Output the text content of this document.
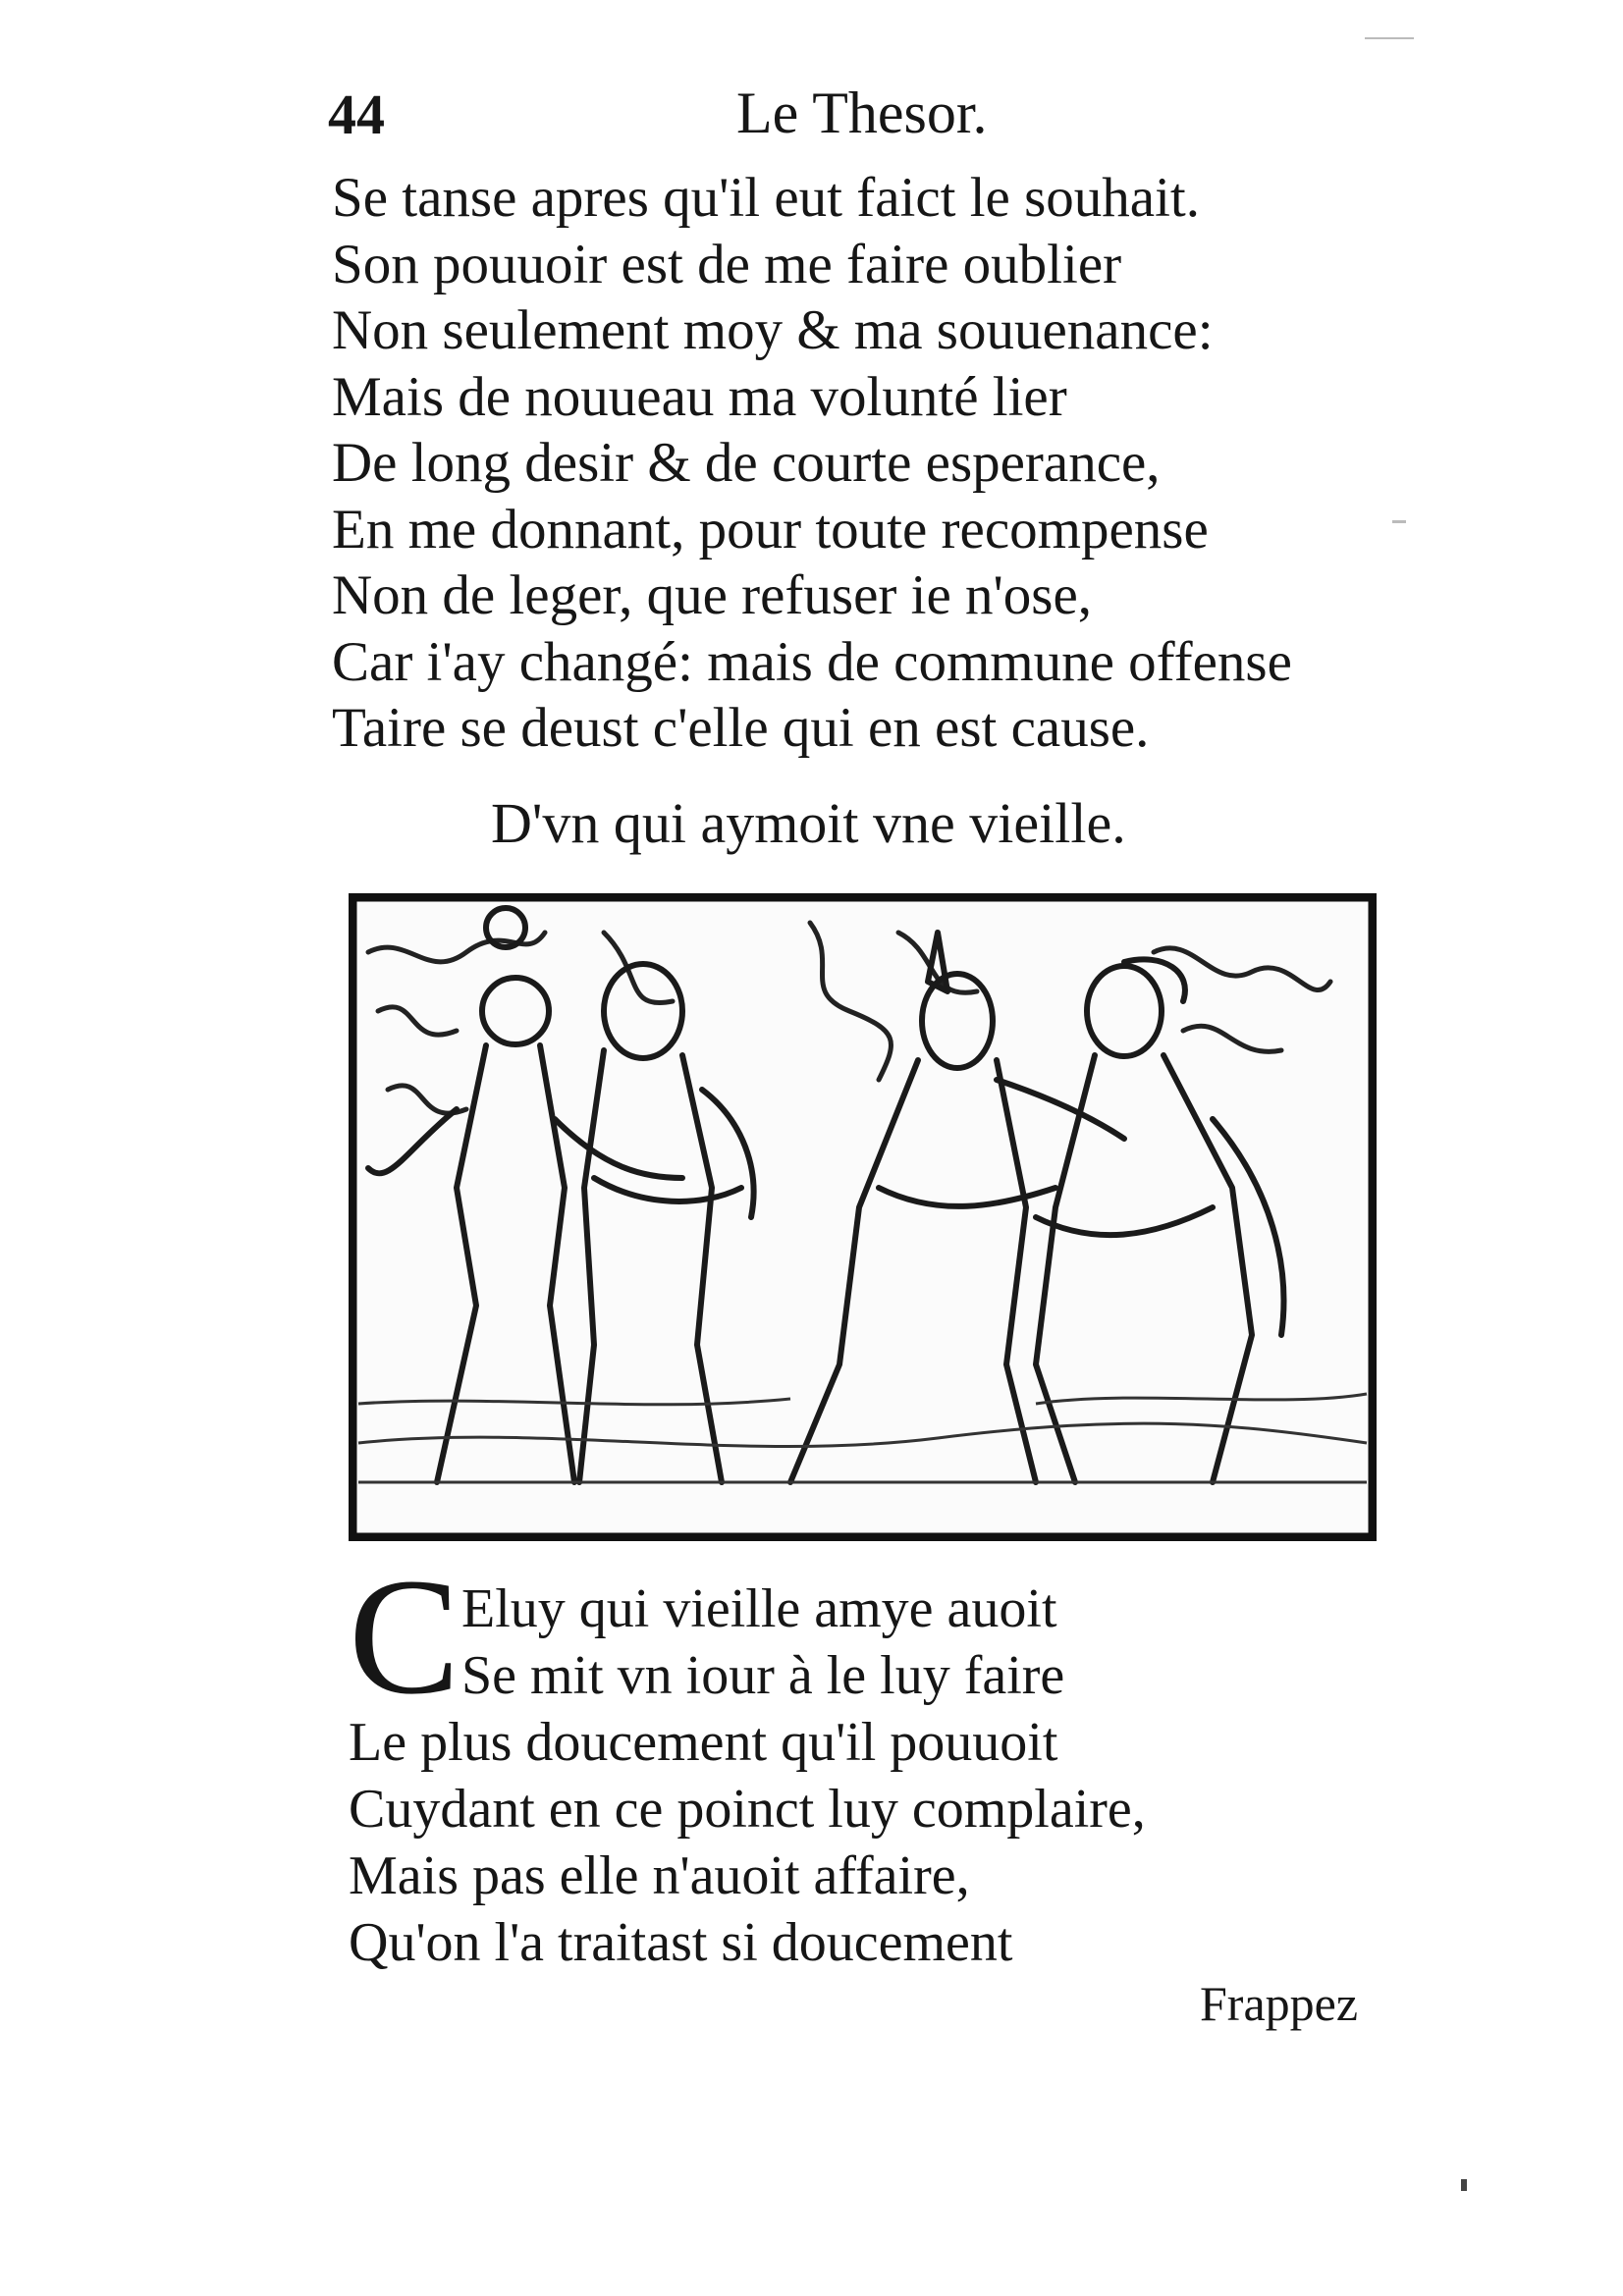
44	Le Thesor.
Se tanse apres qu'il eut faict le souhait.
Son pouuoir est de me faire oublier
Non seulement moy & ma souuenance:
Mais de nouueau ma volunté lier
De long desir & de courte esperance,
En me donnant, pour toute recompense
Non de leger, que refuser ie n'ose,
Car i'ay changé: mais de commune offense
Taire se deust c'elle qui en est cause.
D'vn qui aymoit vne vieille.
C Eluy qui vieille amye auoit
Se mit vn iour à le luy faire
Le plus doucement qu'il pouuoit
Cuydant en ce poinct luy complaire,
Mais pas elle n'auoit affaire,
Qu'on l'a traitast si doucement
Frappez
